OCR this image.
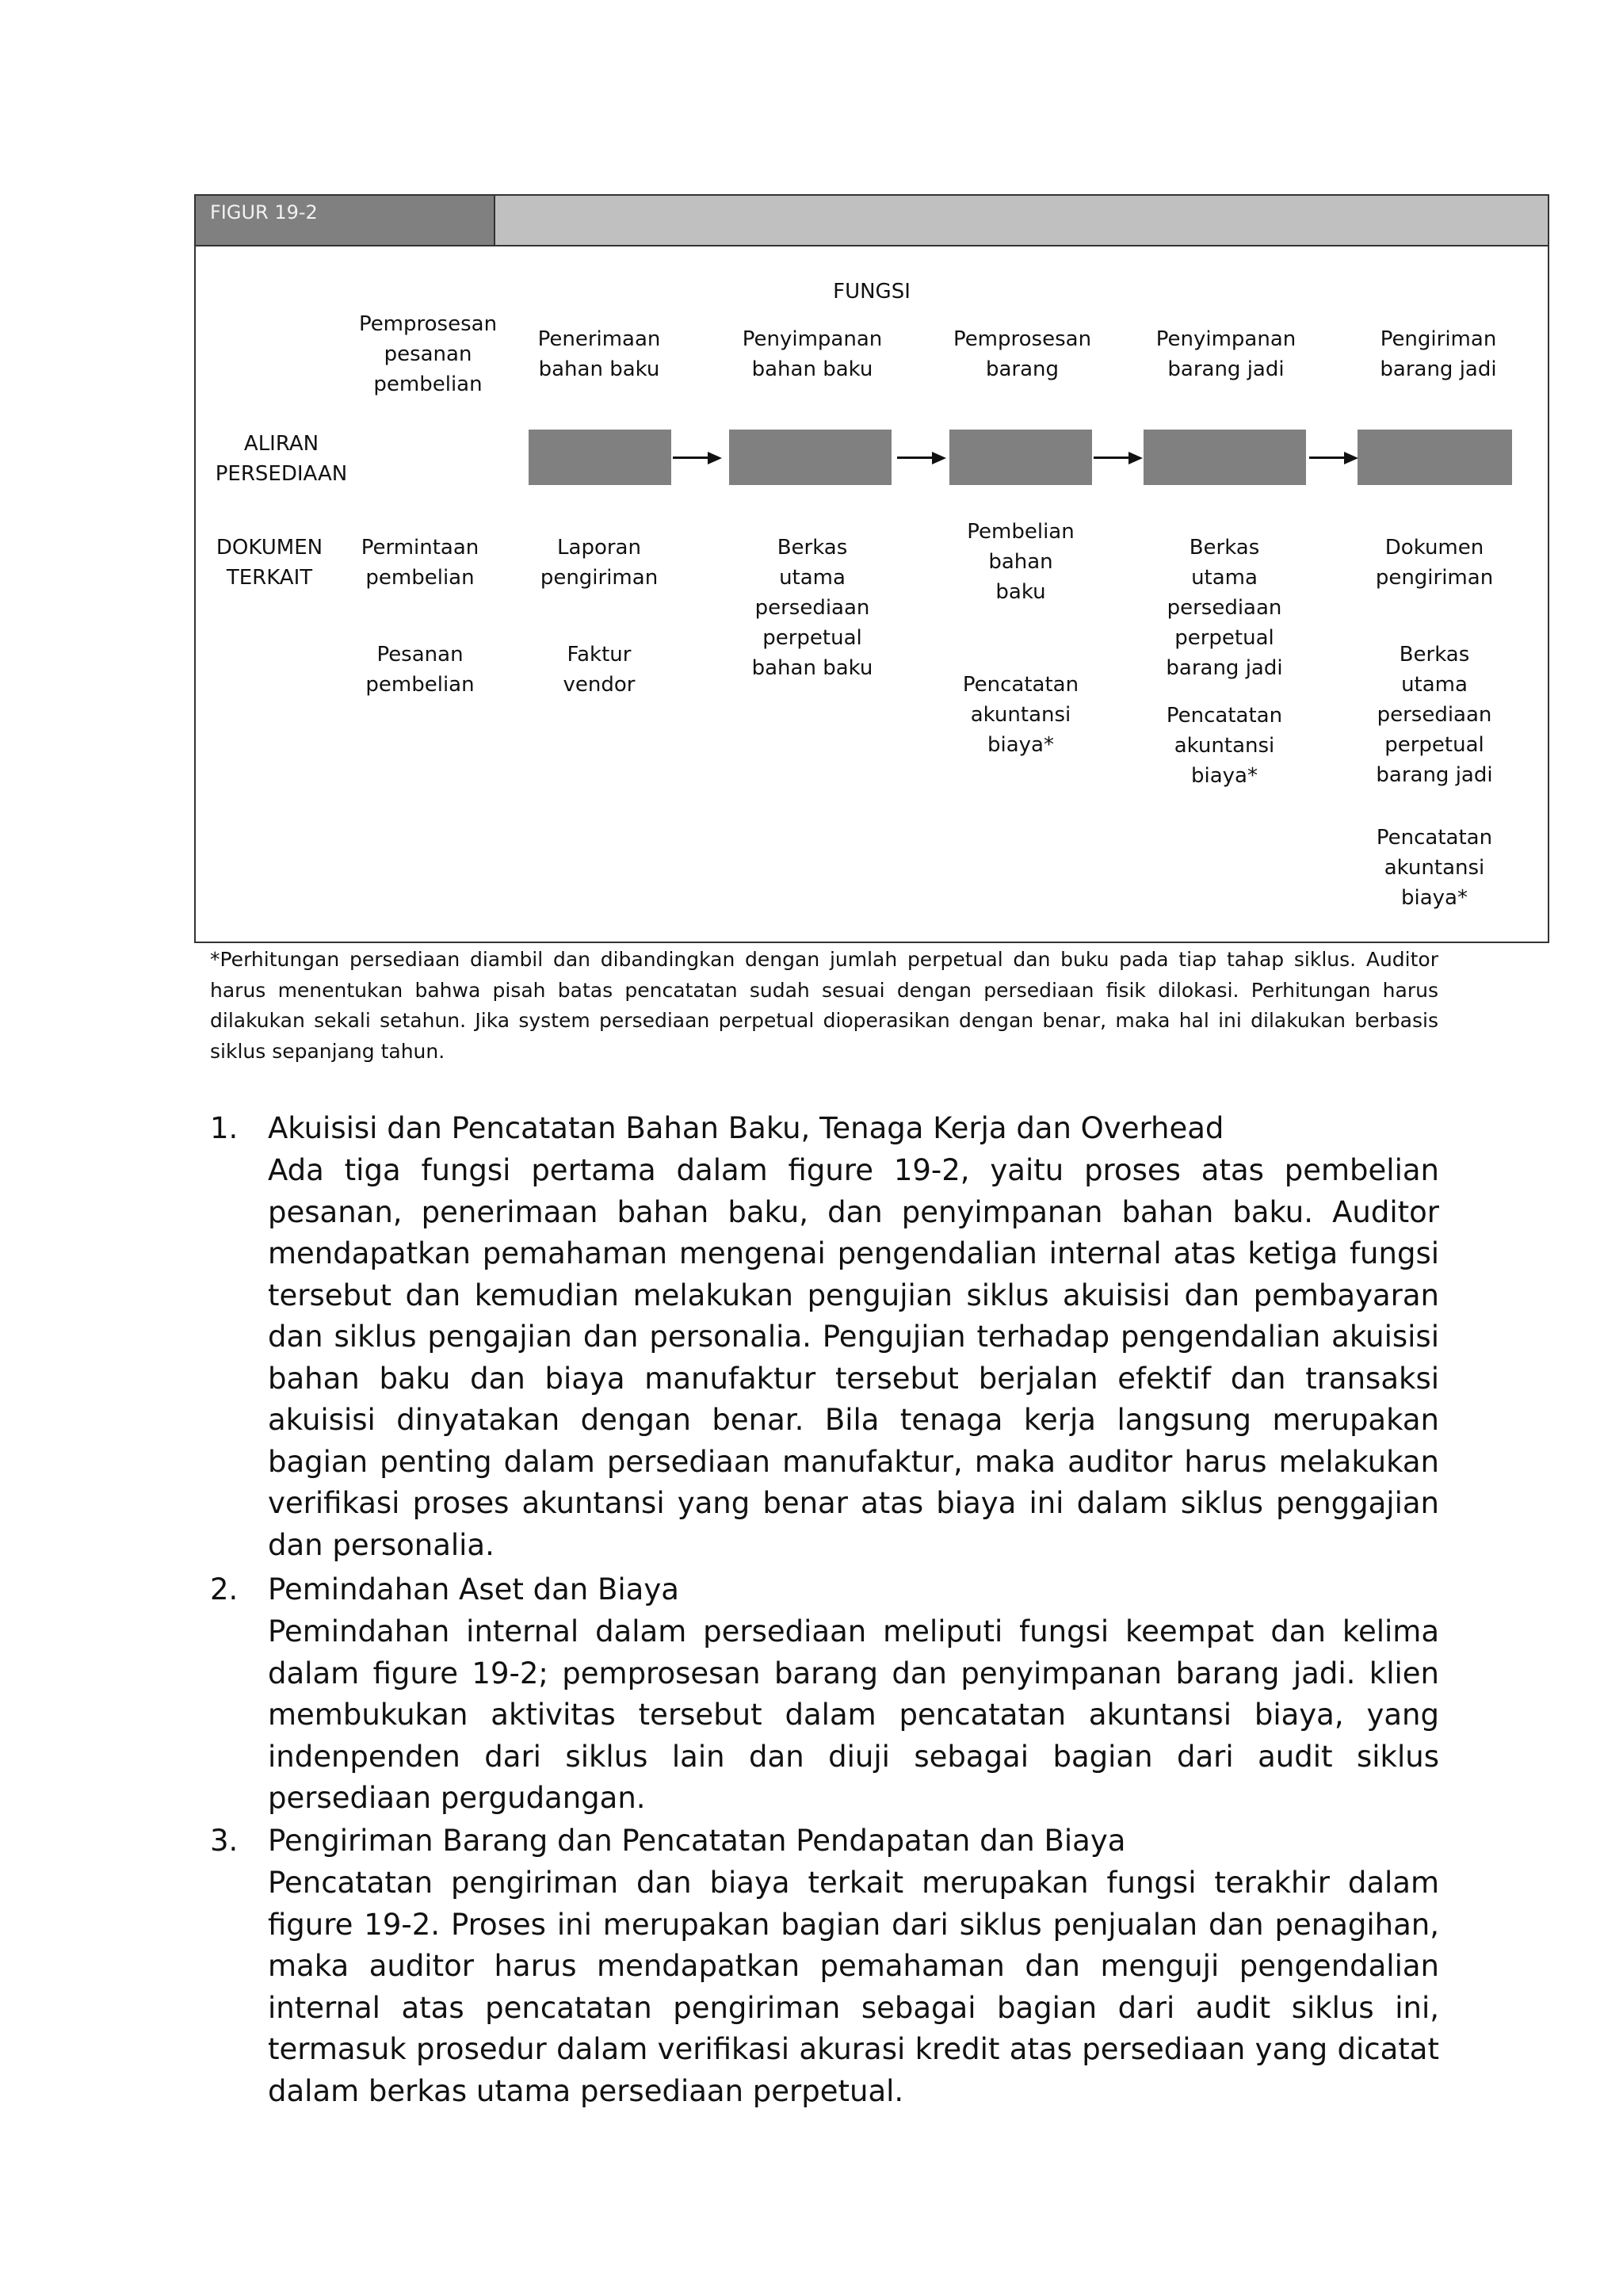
FIGUR 19-2
FUNGSI
ALIRAN
PERSEDIAAN
DOKUMEN
TERKAIT
Pemprosesan
pesanan
pembelian
Penerimaan
bahan baku
Penyimpanan
bahan baku
Pemprosesan
barang
Penyimpanan
barang jadi
Pengiriman
barang jadi
Permintaan
pembelian
Pesanan
pembelian
Laporan
pengiriman
Faktur
vendor
Berkas
utama
persediaan
perpetual
bahan baku
Pembelian
bahan
baku
Pencatatan
akuntansi
biaya*
Berkas
utama
persediaan
perpetual
barang jadi
Pencatatan
akuntansi
biaya*
Dokumen
pengiriman
Berkas
utama
persediaan
perpetual
barang jadi
Pencatatan
akuntansi
biaya*
*Perhitungan persediaan diambil dan dibandingkan dengan jumlah perpetual dan buku pada tiap tahap siklus. Auditor harus menentukan bahwa pisah batas pencatatan sudah sesuai dengan persediaan fisik dilokasi. Perhitungan harus dilakukan sekali setahun. Jika system persediaan perpetual dioperasikan dengan benar, maka hal ini dilakukan berbasis siklus sepanjang tahun.
1. Akuisisi dan Pencatatan Bahan Baku, Tenaga Kerja dan Overhead
Ada tiga fungsi pertama dalam figure 19-2, yaitu proses atas pembelian pesanan, penerimaan bahan baku, dan penyimpanan bahan baku. Auditor mendapatkan pemahaman mengenai pengendalian internal atas ketiga fungsi tersebut dan kemudian melakukan pengujian siklus akuisisi dan pembayaran dan siklus pengajian dan personalia. Pengujian terhadap pengendalian akuisisi bahan baku dan biaya manufaktur tersebut berjalan efektif dan transaksi akuisisi dinyatakan dengan benar. Bila tenaga kerja langsung merupakan bagian penting dalam persediaan manufaktur, maka auditor harus melakukan verifikasi proses akuntansi yang benar atas biaya ini dalam siklus penggajian dan personalia.
2. Pemindahan Aset dan Biaya
Pemindahan internal dalam persediaan meliputi fungsi keempat dan kelima dalam figure 19-2; pemprosesan barang dan penyimpanan barang jadi. klien membukukan aktivitas tersebut dalam pencatatan akuntansi biaya, yang indenpenden dari siklus lain dan diuji sebagai bagian dari audit siklus persediaan pergudangan.
3. Pengiriman Barang dan Pencatatan Pendapatan dan Biaya
Pencatatan pengiriman dan biaya terkait merupakan fungsi terakhir dalam figure 19-2. Proses ini merupakan bagian dari siklus penjualan dan penagihan, maka auditor harus mendapatkan pemahaman dan menguji pengendalian internal atas pencatatan pengiriman sebagai bagian dari audit siklus ini, termasuk prosedur dalam verifikasi akurasi kredit atas persediaan yang dicatat dalam berkas utama persediaan perpetual.
